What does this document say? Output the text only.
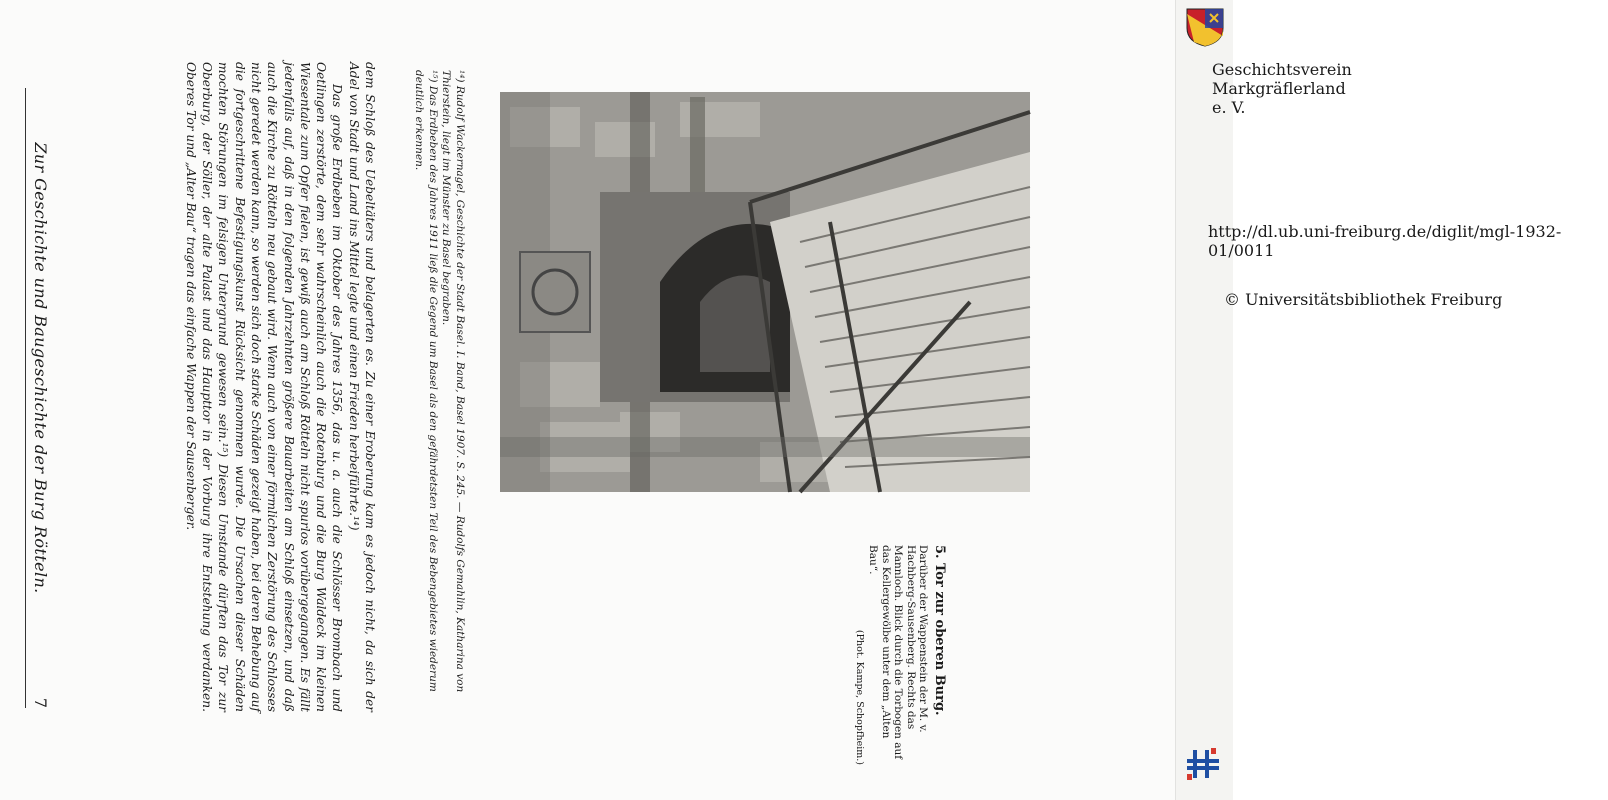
Zur Geschichte und Baugeschichte der Burg Rötteln.
7	dem Schloß des Uebeltäters und belagerten es. Zu einer Eroberung kam es jedoch nicht, da sich der Adel von Stadt und Land ins Mittel legte und einen Frieden herbeiführte.¹⁴)

Das große Erdbeben im Oktober des Jahres 1356, das u. a. auch die Schlösser Brombach und Oetlingen zerstörte, dem sehr wahrscheinlich auch die Rotenburg und die Burg Waldeck im kleinen Wiesentale zum Opfer fielen, ist gewiß auch am Schloß Rötteln nicht spurlos vorübergegangen. Es fällt jedenfalls auf, daß in den folgenden Jahrzehnten größere Bauarbeiten am Schloß einsetzen, und daß auch die Kirche zu Rötteln neu gebaut wird. Wenn auch von einer förmlichen Zerstörung des Schlosses nicht geredet werden kann, so werden sich doch starke Schäden gezeigt haben, bei deren Behebung auf die fortgeschrittene Befestigungskunst Rücksicht genommen wurde. Die Ursachen dieser Schäden mochten Störungen im felsigen Untergrund gewesen sein.¹⁵) Diesen Umstande dürften das Tor zur Oberburg, der Söller, der alte Palast und das Haupttor in der Vorburg ihre Entstehung verdanken. Oberes Tor und „Alter Bau“ tragen das einfache Wappen der Sausenberger.	¹⁴) Rudolf Wackernagel, Geschichte der Stadt Basel. I. Band, Basel 1907. S. 245. — Rudolfs Gemahlin, Katharina von Thierstein, liegt im Münster zu Basel begraben.
¹⁵) Das Erdbeben des Jahres 1911 ließ die Gegend um Basel als den gefährdetsten Teil des Bebengebietes wiederum deutlich erkennen.
5. Tor zur oberen Burg.
Darüber der Wappenstein der M. v. Hachberg-Sausenberg. Rechts das Mannloch. Blick durch die Torbogen auf das Kellergewölbe unter dem „Alten Bau“.
(Phot. Kampe, Schopfheim.)
Geschichtsverein
Markgräflerland e. V.
http://dl.ub.uni-freiburg.de/diglit/mgl-1932-01/0011
© Universitätsbibliothek Freiburg
